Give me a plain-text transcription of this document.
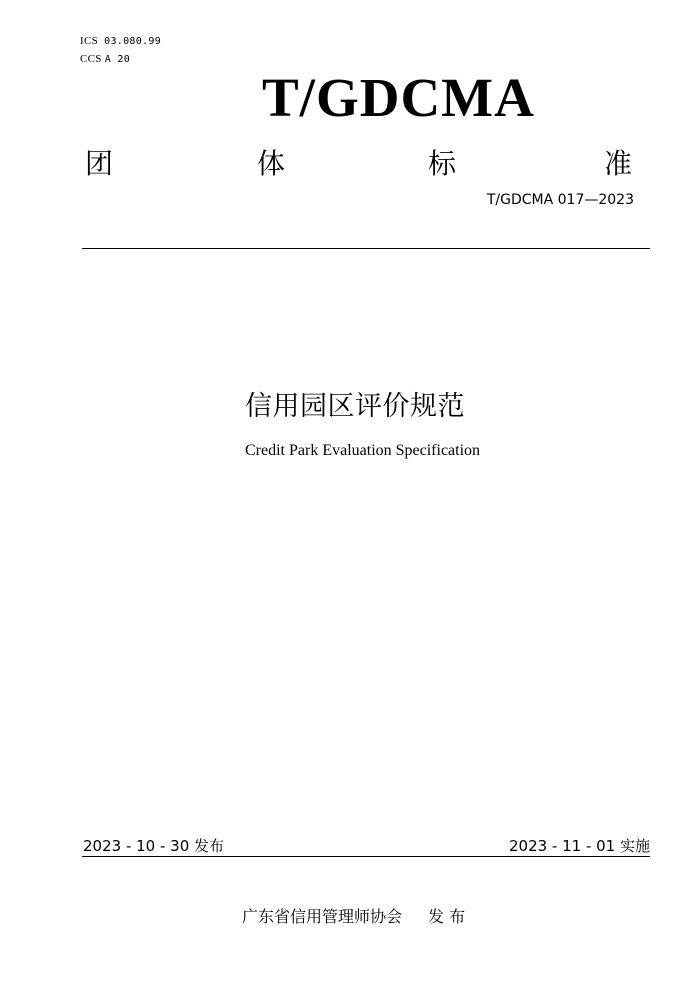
ICS 03.080.99
CCS A 20
T/GDCMA
团	体	标	准
T/GDCMA 017—2023
信用园区评价规范
Credit Park Evaluation Specification
2023 - 10 - 30 发布	2023 - 11 - 01 实施
广东省信用管理师协会 发 布
